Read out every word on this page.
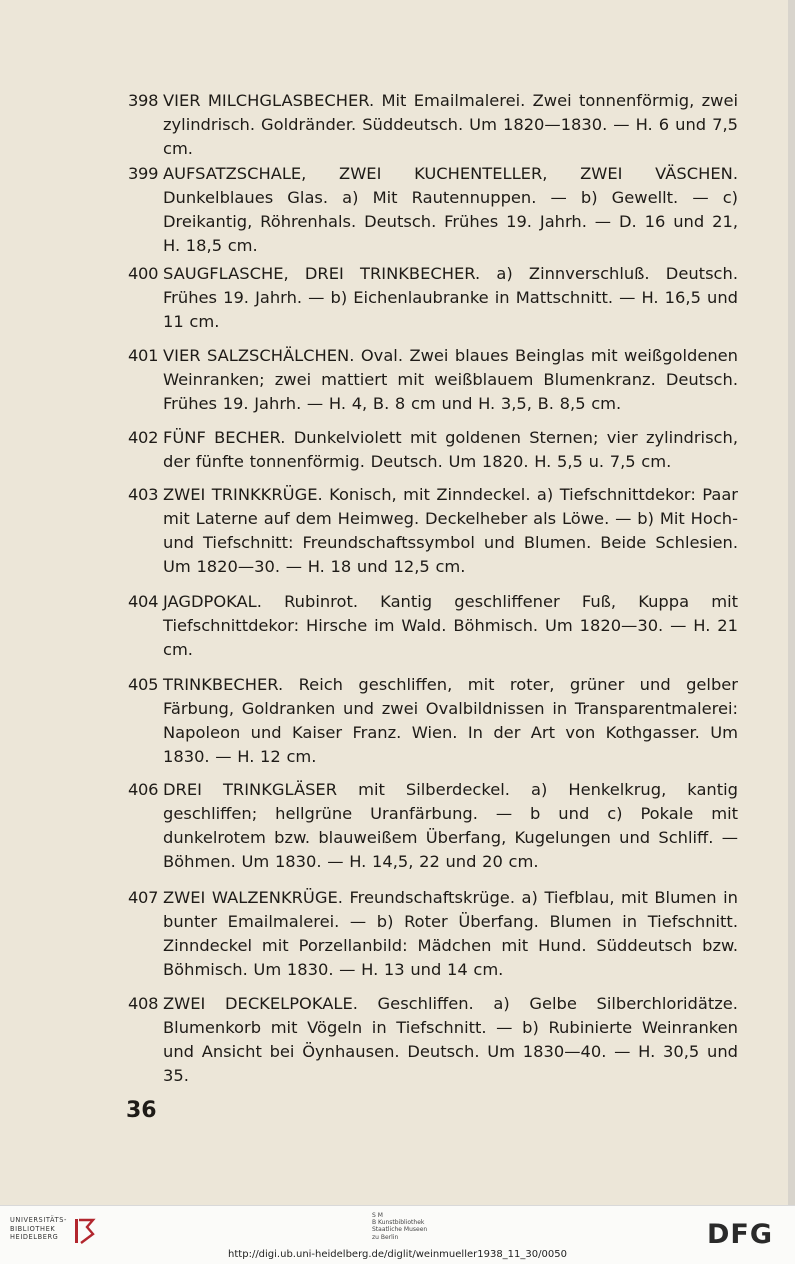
398 VIER MILCHGLASBECHER. Mit Emailmalerei. Zwei tonnenförmig, zwei zylindrisch. Goldränder. Süddeutsch. Um 1820—1830. — H. 6 und 7,5 cm.
399 AUFSATZSCHALE, ZWEI KUCHENTELLER, ZWEI VÄSCHEN. Dunkelblaues Glas. a) Mit Rautennuppen. — b) Gewellt. — c) Dreikantig, Röhrenhals. Deutsch. Frühes 19. Jahrh. — D. 16 und 21, H. 18,5 cm.
400 SAUGFLASCHE, DREI TRINKBECHER. a) Zinnverschluß. Deutsch. Frühes 19. Jahrh. — b) Eichenlaubranke in Mattschnitt. — H. 16,5 und 11 cm.
401 VIER SALZSCHÄLCHEN. Oval. Zwei blaues Beinglas mit weißgoldenen Weinranken; zwei mattiert mit weißblauem Blumenkranz. Deutsch. Frühes 19. Jahrh. — H. 4, B. 8 cm und H. 3,5, B. 8,5 cm.
402 FÜNF BECHER. Dunkelviolett mit goldenen Sternen; vier zylindrisch, der fünfte tonnenförmig. Deutsch. Um 1820. H. 5,5 u. 7,5 cm.
403 ZWEI TRINKKRÜGE. Konisch, mit Zinndeckel. a) Tiefschnittdekor: Paar mit Laterne auf dem Heimweg. Deckelheber als Löwe. — b) Mit Hoch- und Tiefschnitt: Freundschaftssymbol und Blumen. Beide Schlesien. Um 1820—30. — H. 18 und 12,5 cm.
404 JAGDPOKAL. Rubinrot. Kantig geschliffener Fuß, Kuppa mit Tiefschnittdekor: Hirsche im Wald. Böhmisch. Um 1820—30. — H. 21 cm.
405 TRINKBECHER. Reich geschliffen, mit roter, grüner und gelber Färbung, Goldranken und zwei Ovalbildnissen in Transparentmalerei: Napoleon und Kaiser Franz. Wien. In der Art von Kothgasser. Um 1830. — H. 12 cm.
406 DREI TRINKGLÄSER mit Silberdeckel. a) Henkelkrug, kantig geschliffen; hellgrüne Uranfärbung. — b und c) Pokale mit dunkelrotem bzw. blauweißem Überfang, Kugelungen und Schliff. — Böhmen. Um 1830. — H. 14,5, 22 und 20 cm.
407 ZWEI WALZENKRÜGE. Freundschaftskrüge. a) Tiefblau, mit Blumen in bunter Emailmalerei. — b) Roter Überfang. Blumen in Tiefschnitt. Zinndeckel mit Porzellanbild: Mädchen mit Hund. Süddeutsch bzw. Böhmisch. Um 1830. — H. 13 und 14 cm.
408 ZWEI DECKELPOKALE. Geschliffen. a) Gelbe Silberchloridätze. Blumenkorb mit Vögeln in Tiefschnitt. — b) Rubinierte Weinranken und Ansicht bei Öynhausen. Deutsch. Um 1830—40. — H. 30,5 und 35.
36
UNIVERSITÄTS-
BIBLIOTHEK
HEIDELBERG
S M
B Kunstbibliothek
Staatliche Museen
zu Berlin	DFG
http://digi.ub.uni-heidelberg.de/diglit/weinmueller1938_11_30/0050
